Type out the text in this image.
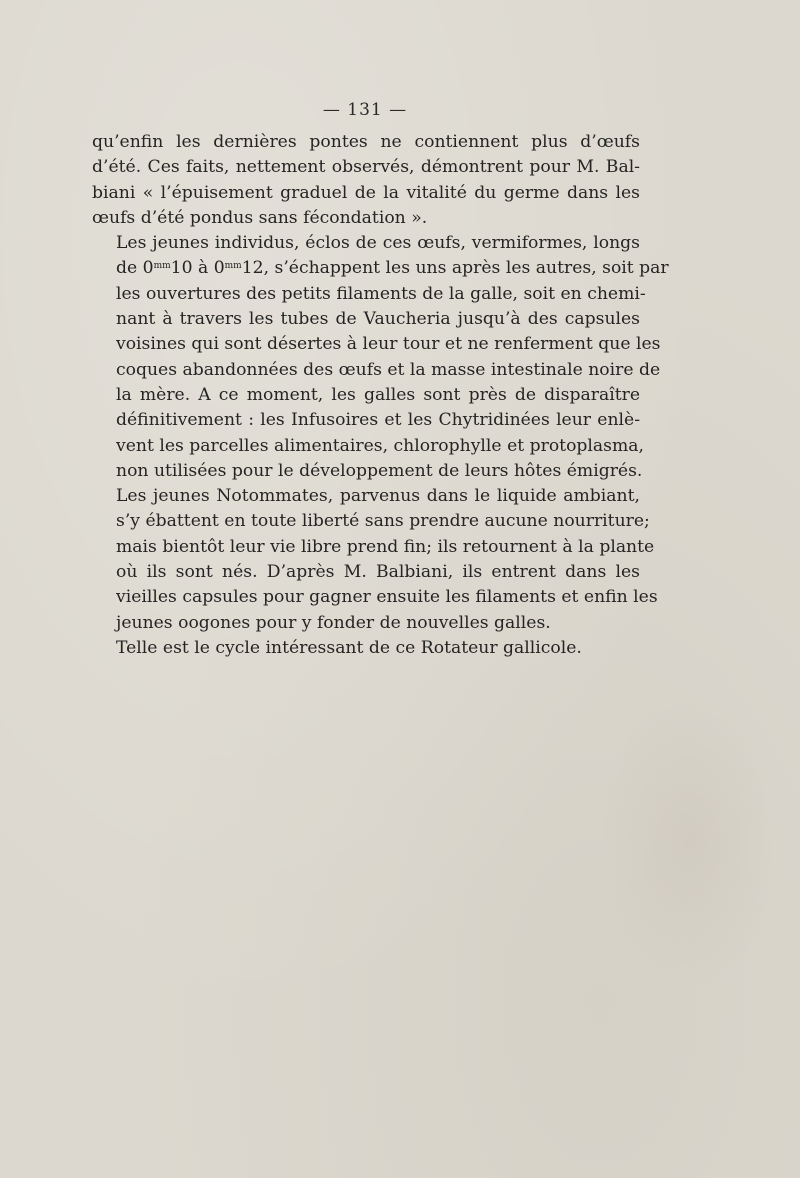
— 131 —

qu’enfin les dernières pontes ne contiennent plus d’œufs
d’été. Ces faits, nettement observés, démontrent pour M. Bal-
biani « l’épuisement graduel de la vitalité du germe dans les
œufs d’été pondus sans fécondation ».

Les jeunes individus, éclos de ces œufs, vermiformes, longs
de $0^{mm}10$ à $0^{mm}12$, s’échappent les uns après les autres, soit par
les ouvertures des petits filaments de la galle, soit en chemi-
nant à travers les tubes de Vaucheria jusqu’à des capsules
voisines qui sont désertes à leur tour et ne renferment que les
coques abandonnées des œufs et la masse intestinale noire de
la mère. A ce moment, les galles sont près de disparaître
définitivement : les Infusoires et les Chytridinées leur enlè-
vent les parcelles alimentaires, chlorophylle et protoplasma,
non utilisées pour le développement de leurs hôtes émigrés.

Les jeunes Notommates, parvenus dans le liquide ambiant,
s’y ébattent en toute liberté sans prendre aucune nourriture;
mais bientôt leur vie libre prend fin; ils retournent à la plante
où ils sont nés. D’après M. Balbiani, ils entrent dans les
vieilles capsules pour gagner ensuite les filaments et enfin les
jeunes oogones pour y fonder de nouvelles galles.

Telle est le cycle intéressant de ce Rotateur gallicole.
